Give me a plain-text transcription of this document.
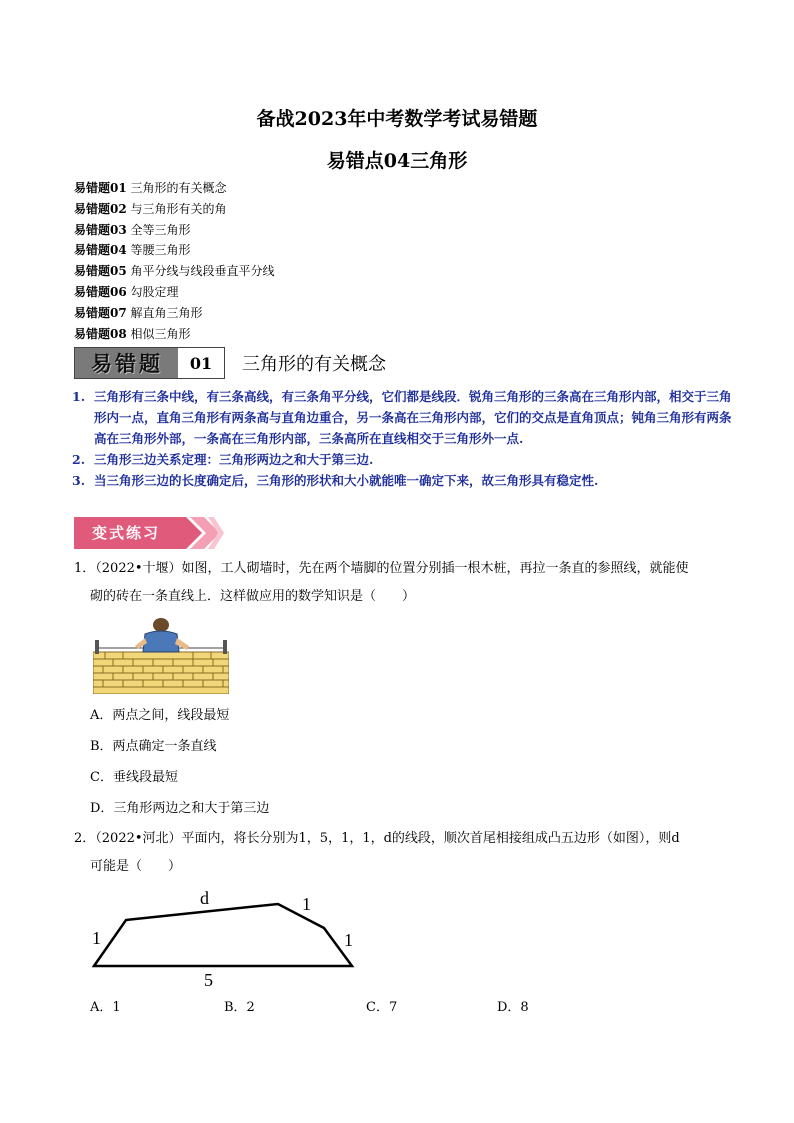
备战2023年中考数学考试易错题
易错点04三角形
易错题01 三角形的有关概念
易错题02 与三角形有关的角
易错题03 全等三角形
易错题04 等腰三角形
易错题05 角平分线与线段垂直平分线
易错题06 勾股定理
易错题07 解直角三角形
易错题08 相似三角形
易错题	01	三角形的有关概念
1. 三角形有三条中线，有三条高线，有三条角平分线，它们都是线段．锐角三角形的三条高在三角形内部，相交于三角形内一点，直角三角形有两条高与直角边重合，另一条高在三角形内部，它们的交点是直角顶点；钝角三角形有两条高在三角形外部，一条高在三角形内部，三条高所在直线相交于三角形外一点.
2. 三角形三边关系定理：三角形两边之和大于第三边.
3. 当三角形三边的长度确定后，三角形的形状和大小就能唯一确定下来，故三角形具有稳定性.
变式练习
1．（2022•十堰）如图，工人砌墙时，先在两个墙脚的位置分别插一根木桩，再拉一条直的参照线，就能使
砌的砖在一条直线上．这样做应用的数学知识是（　　）
A．两点之间，线段最短
B．两点确定一条直线
C．垂线段最短
D．三角形两边之和大于第三边
2．（2022•河北）平面内，将长分别为1，5，1，1，d的线段，顺次首尾相接组成凸五边形（如图），则d
可能是（　　）
d	1
1
1
5
A．1	B．2	C．7	D．8
